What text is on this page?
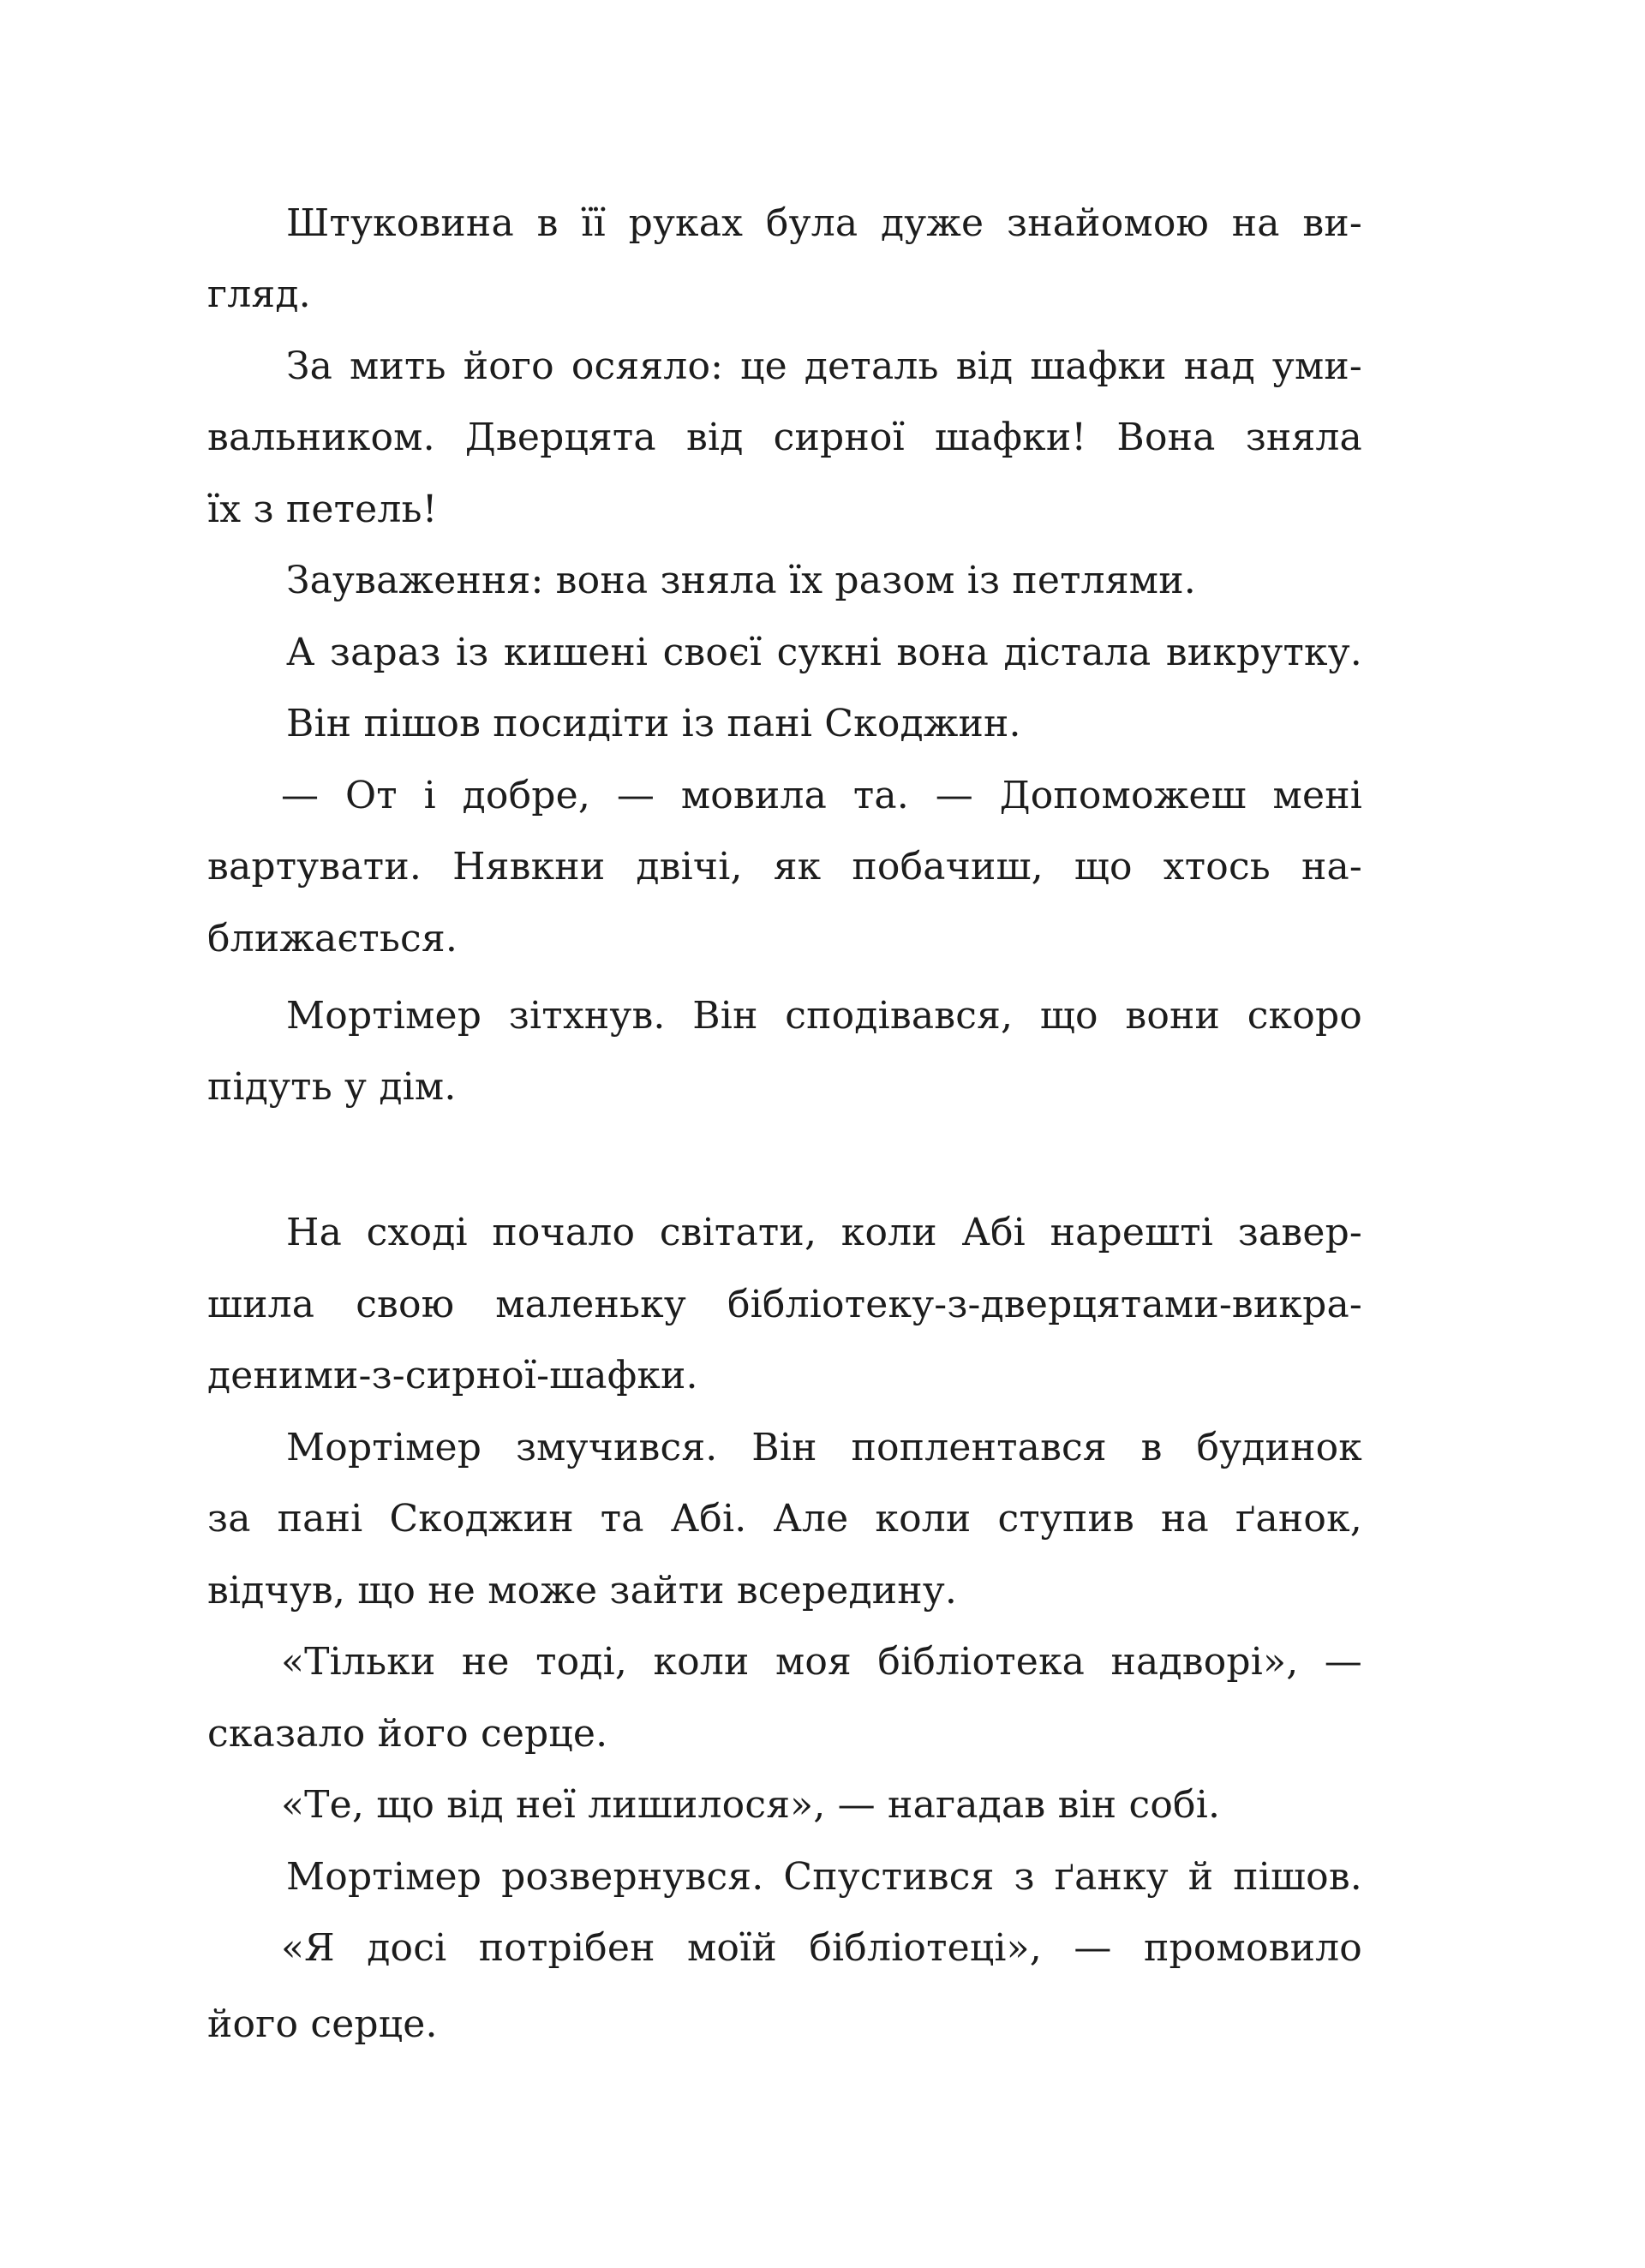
Штуковина в її руках була дуже знайомою на ви-
гляд.
За мить його осяяло: це деталь від шафки над уми-
вальником. Дверцята від сирної шафки! Вона зняла
їх з петель!
Зауваження: вона зняла їх разом із петлями.
А зараз із кишені своєї сукні вона дістала викрутку.
Він пішов посидіти із пані Скоджин.
— От і добре, — мовила та. — Допоможеш мені
вартувати. Нявкни двічі, як побачиш, що хтось на-
ближається.
Мортімер зітхнув. Він сподівався, що вони скоро
підуть у дім.
На сході почало світати, коли Абі нарешті завер-
шила свою маленьку бібліотеку-з-дверцятами-викра-
деними-з-сирної-шафки.
Мортімер змучився. Він поплентався в будинок
за пані Скоджин та Абі. Але коли ступив на ґанок,
відчув, що не може зайти всередину.
«Тільки не тоді, коли моя бібліотека надворі», —
сказало його серце.
«Те, що від неї лишилося», — нагадав він собі.
Мортімер розвернувся. Спустився з ґанку й пішов.
«Я досі потрібен моїй бібліотеці», — промовило
його серце.
